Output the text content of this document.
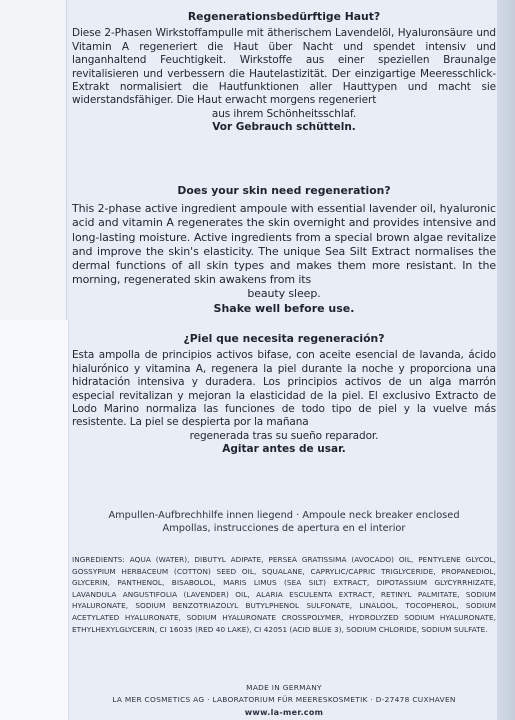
Regenerationsbedürftige Haut?

Diese 2-Phasen Wirkstoffampulle mit ätherischem Lavendelöl, Hyaluronsäure und Vitamin A regeneriert die Haut über Nacht und spendet intensiv und langanhaltend Feuchtigkeit. Wirkstoffe aus einer speziellen Braunalge revitalisieren und verbessern die Hautelastizität. Der einzigartige Meeresschlick-Extrakt normalisiert die Hautfunktionen aller Hauttypen und macht sie widerstandsfähiger. Die Haut erwacht morgens regeneriert

aus ihrem Schönheitsschlaf.

Vor Gebrauch schütteln.

Does your skin need regeneration?

This 2-phase active ingredient ampoule with essential lavender oil, hyaluronic acid and vitamin A regenerates the skin overnight and provides intensive and long-lasting moisture. Active ingredients from a special brown algae revitalize and improve the skin's elasticity. The unique Sea Silt Extract normalises the dermal functions of all skin types and makes them more resistant. In the morning, regenerated skin awakens from its

beauty sleep.

Shake well before use.

¿Piel que necesita regeneración?

Esta ampolla de principios activos bifase, con aceite esencial de lavanda, ácido hialurónico y vitamina A, regenera la piel durante la noche y proporciona una hidratación intensiva y duradera. Los principios activos de un alga marrón especial revitalizan y mejoran la elasticidad de la piel. El exclusivo Extracto de Lodo Marino normaliza las funciones de todo tipo de piel y la vuelve más resistente. La piel se despierta por la mañana

regenerada tras su sueño reparador.

Agitar antes de usar.

Ampullen-Aufbrechhilfe innen liegend · Ampoule neck breaker enclosed
Ampollas, instrucciones de apertura en el interior
INGREDIENTS: AQUA (WATER), DIBUTYL ADIPATE, PERSEA GRATISSIMA (AVOCADO) OIL, PENTYLENE GLYCOL, GOSSYPIUM HERBACEUM (COTTON) SEED OIL, SQUALANE, CAPRYLIC/CAPRIC TRIGLYCERIDE, PROPANEDIOL, GLYCERIN, PANTHENOL, BISABOLOL, MARIS LIMUS (SEA SILT) EXTRACT, DIPOTASSIUM GLYCYRRHIZATE, LAVANDULA ANGUSTIFOLIA (LAVENDER) OIL, ALARIA ESCULENTA EXTRACT, RETINYL PALMITATE, SODIUM HYALURONATE, SODIUM BENZOTRIAZOLYL BUTYLPHENOL SULFONATE, LINALOOL, TOCOPHEROL, SODIUM ACETYLATED HYALURONATE, SODIUM HYALURONATE CROSSPOLYMER, HYDROLYZED SODIUM HYALURONATE, ETHYLHEXYLGLYCERIN, CI 16035 (RED 40 LAKE), CI 42051 (ACID BLUE 3), SODIUM CHLORIDE, SODIUM SULFATE.
MADE IN GERMANY
LA MER COSMETICS AG · LABORATORIUM FÜR MEERESKOSMETIK · D-27478 CUXHAVEN
www.la-mer.com
